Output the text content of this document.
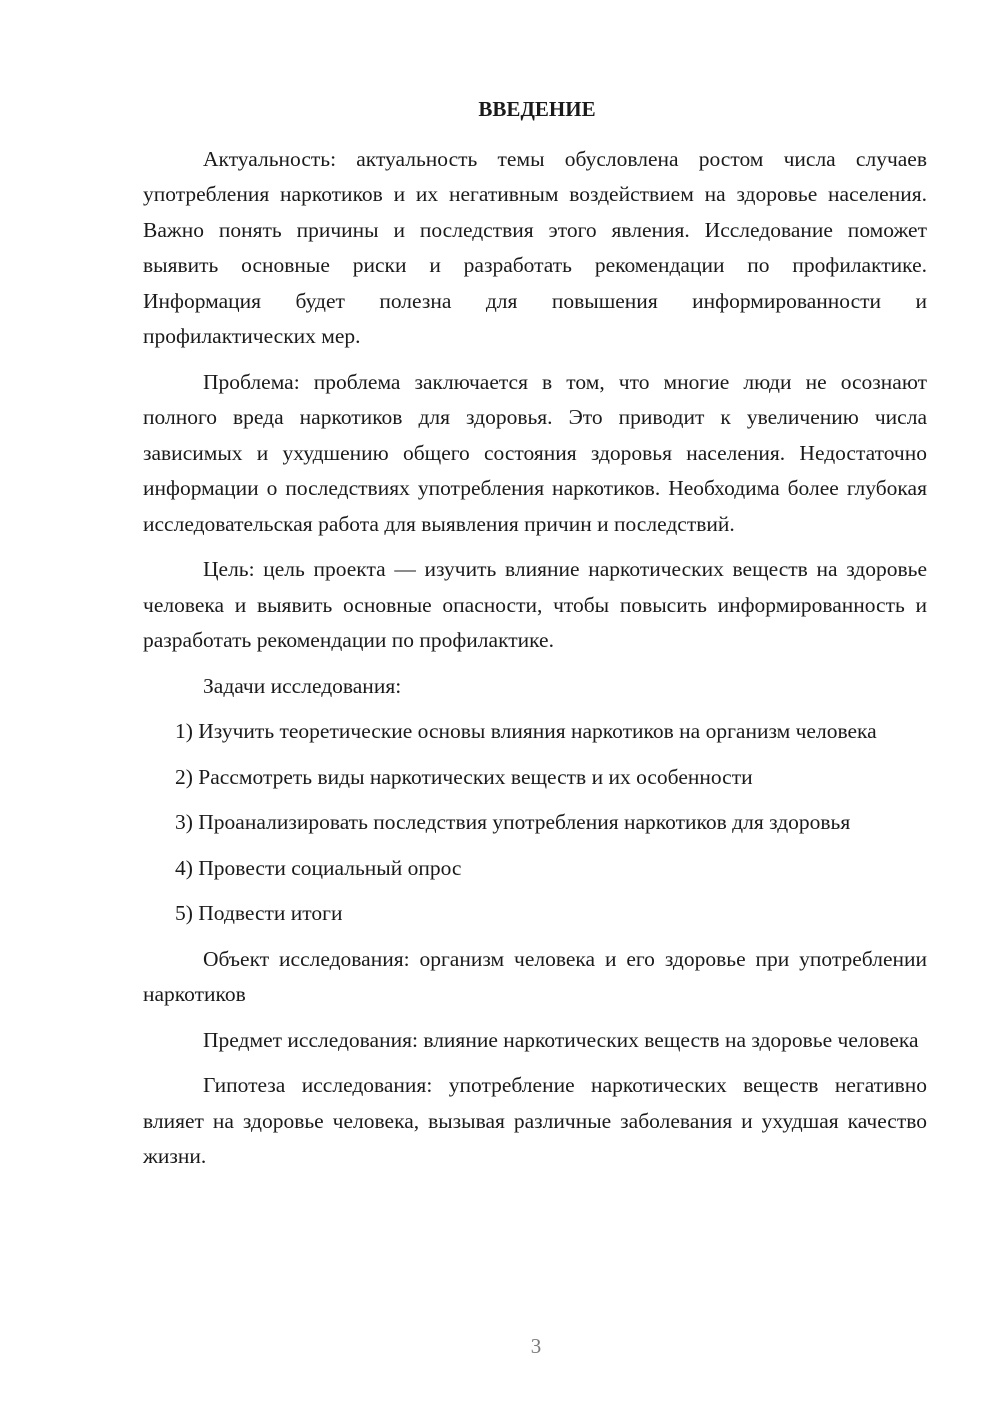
ВВЕДЕНИЕ

Актуальность: актуальность темы обусловлена ростом числа случаев употребления наркотиков и их негативным воздействием на здоровье населения. Важно понять причины и последствия этого явления. Исследование поможет выявить основные риски и разработать рекомендации по профилактике. Информация будет полезна для повышения информированности и профилактических мер.

Проблема: проблема заключается в том, что многие люди не осознают полного вреда наркотиков для здоровья. Это приводит к увеличению числа зависимых и ухудшению общего состояния здоровья населения. Недостаточно информации о последствиях употребления наркотиков. Необходима более глубокая исследовательская работа для выявления причин и последствий.

Цель: цель проекта — изучить влияние наркотических веществ на здоровье человека и выявить основные опасности, чтобы повысить информированность и разработать рекомендации по профилактике.

Задачи исследования:

1) Изучить теоретические основы влияния наркотиков на организм человека

2) Рассмотреть виды наркотических веществ и их особенности

3) Проанализировать последствия употребления наркотиков для здоровья

4) Провести социальный опрос

5) Подвести итоги

Объект исследования: организм человека и его здоровье при употреблении наркотиков

Предмет исследования: влияние наркотических веществ на здоровье человека

Гипотеза исследования: употребление наркотических веществ негативно влияет на здоровье человека, вызывая различные заболевания и ухудшая качество жизни.

3
